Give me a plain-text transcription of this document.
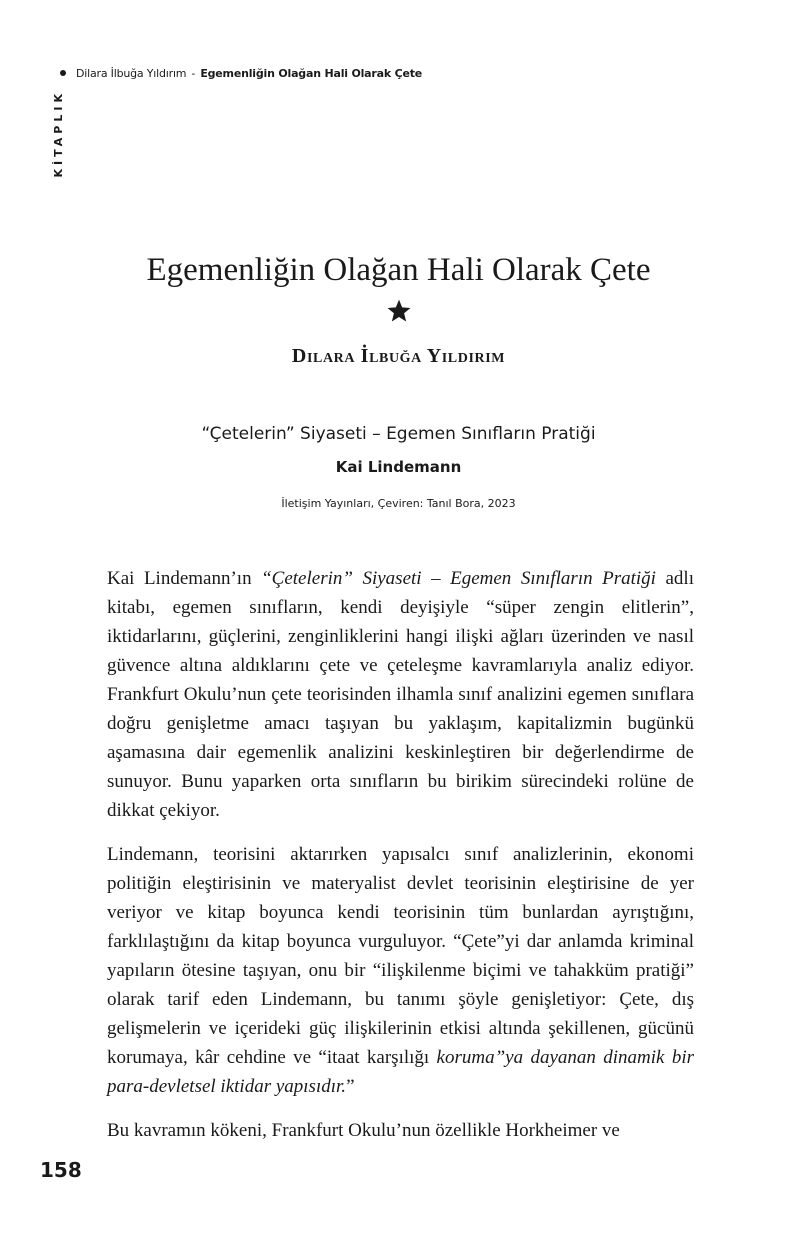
KİTAPLIK
Dilara İlbuğa Yıldırım - Egemenliğin Olağan Hali Olarak Çete
Egemenliğin Olağan Hali Olarak Çete
Dilara İlbuğa Yıldırım
“Çetelerin” Siyaseti – Egemen Sınıfların Pratiği
Kai Lindemann
İletişim Yayınları, Çeviren: Tanıl Bora, 2023

Kai Lindemann’ın “Çetelerin” Siyaseti – Egemen Sınıfların Pratiği adlı kitabı, egemen sınıfların, kendi deyişiyle “süper zengin elitlerin”, iktidarlarını, güçlerini, zenginliklerini hangi ilişki ağları üzerinden ve nasıl güvence altına aldıklarını çete ve çeteleşme kavramlarıyla analiz ediyor. Frankfurt Okulu’nun çete teorisinden ilhamla sınıf analizini egemen sınıflara doğru genişletme amacı taşıyan bu yaklaşım, kapitalizmin bugünkü aşamasına dair egemenlik analizini keskinleştiren bir değerlendirme de sunuyor. Bunu yaparken orta sınıfların bu birikim sürecindeki rolüne de dikkat çekiyor.

Lindemann, teorisini aktarırken yapısalcı sınıf analizlerinin, ekonomi politiğin eleştirisinin ve materyalist devlet teorisinin eleştirisine de yer veriyor ve kitap boyunca kendi teorisinin tüm bunlardan ayrıştığını, farklılaştığını da kitap boyunca vurguluyor. “Çete”yi dar anlamda kriminal yapıların ötesine taşıyan, onu bir “ilişkilenme biçimi ve tahakküm pratiği” olarak tarif eden Lindemann, bu tanımı şöyle genişletiyor: Çete, dış gelişmelerin ve içerideki güç ilişkilerinin etkisi altında şekillenen, gücünü korumaya, kâr cehdine ve “itaat karşılığı koruma”ya dayanan dinamik bir para-devletsel iktidar yapısıdır.”

Bu kavramın kökeni, Frankfurt Okulu’nun özellikle Horkheimer ve

158
